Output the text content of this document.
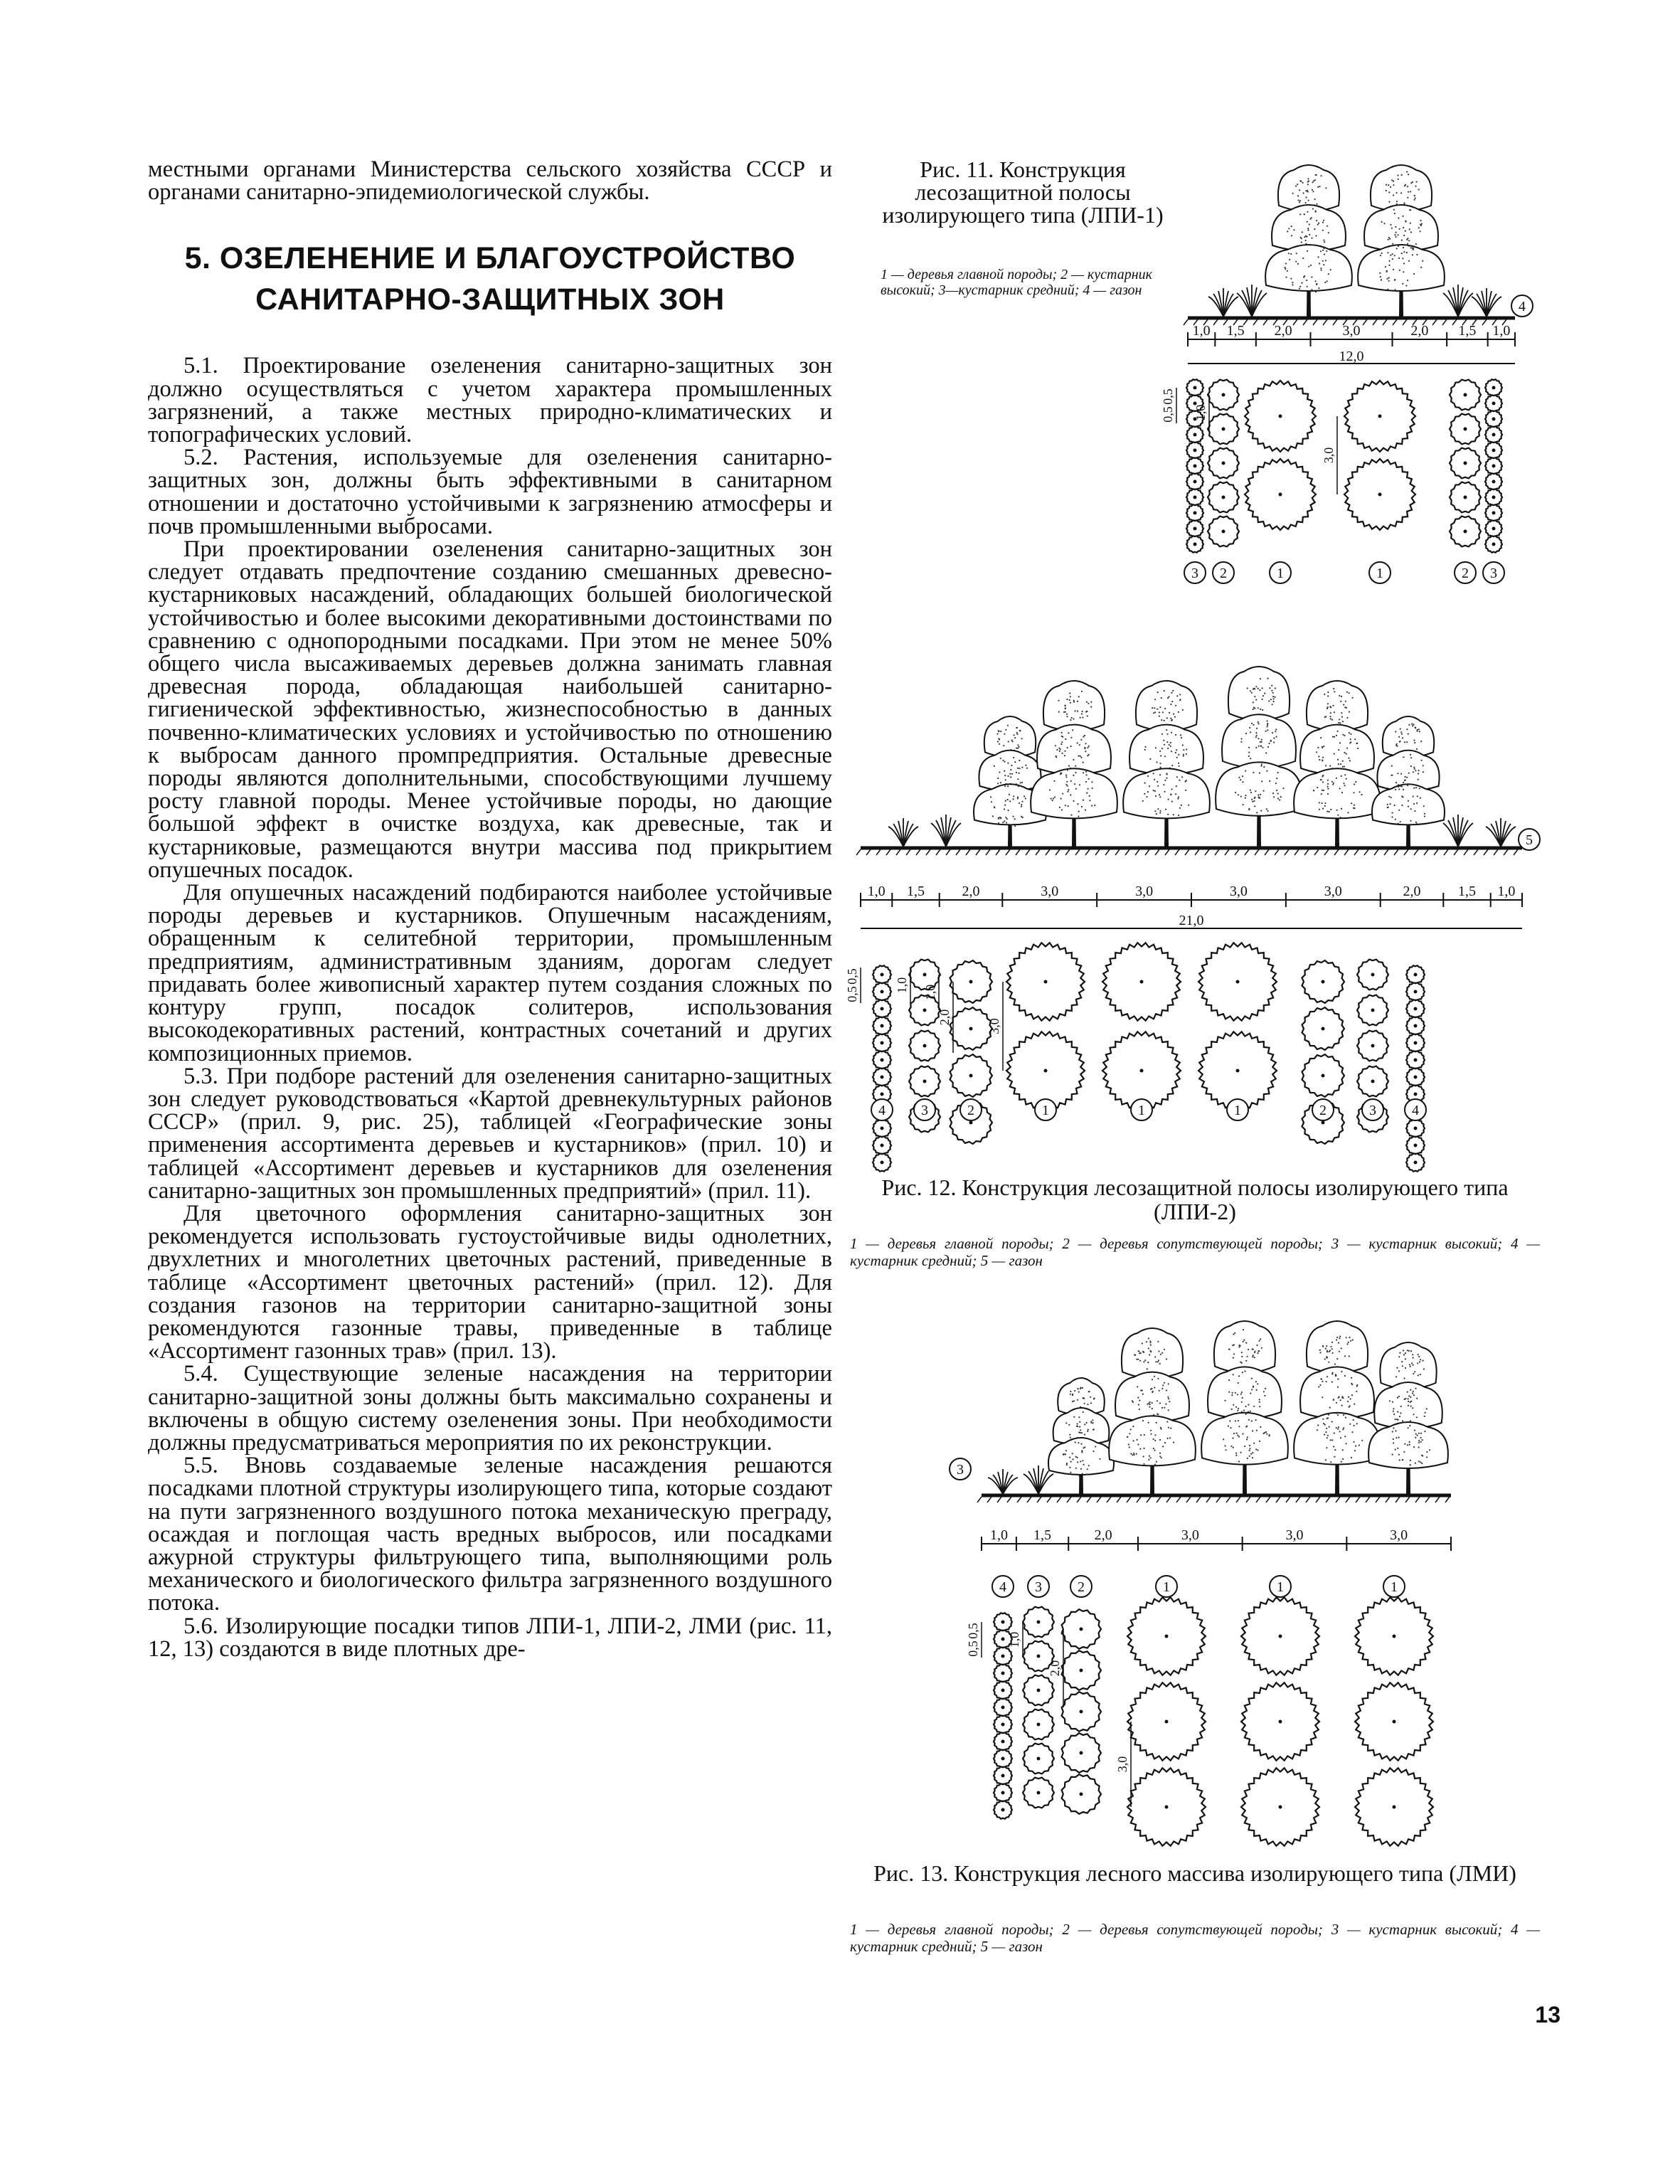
местными органами Министерства сельского хозяйства СССР и органами санитарно-эпидемиологической службы.

5. ОЗЕЛЕНЕНИЕ И БЛАГОУСТРОЙСТВО
САНИТАРНО-ЗАЩИТНЫХ ЗОН

5.1. Проектирование озеленения санитарно-защитных зон должно осуществляться с учетом характера промышленных загрязнений, а также местных природно-климатических и топографических условий.

5.2. Растения, используемые для озеленения санитарно-защитных зон, должны быть эффективными в санитарном отношении и достаточно устойчивыми к загрязнению атмосферы и почв промышленными выбросами.

При проектировании озеленения санитарно-защитных зон следует отдавать предпочтение созданию смешанных древесно-кустарниковых насаждений, обладающих большей биологической устойчивостью и более высокими декоративными достоинствами по сравнению с однопородными посадками. При этом не менее 50% общего числа высаживаемых деревьев должна занимать главная древесная порода, обладающая наибольшей санитарно-гигиенической эффективностью, жизнеспособностью в данных почвенно-климатических условиях и устойчивостью по отношению к выбросам данного промпредприятия. Остальные древесные породы являются дополнительными, способствующими лучшему росту главной породы. Менее устойчивые породы, но дающие большой эффект в очистке воздуха, как древесные, так и кустарниковые, размещаются внутри массива под прикрытием опушечных посадок.

Для опушечных насаждений подбираются наиболее устойчивые породы деревьев и кустарников. Опушечным насаждениям, обращенным к селитебной территории, промышленным предприятиям, административным зданиям, дорогам следует придавать более живописный характер путем создания сложных по контуру групп, посадок солитеров, использования высокодекоративных растений, контрастных сочетаний и других композиционных приемов.

5.3. При подборе растений для озеленения санитарно-защитных зон следует руководствоваться «Картой древнекультурных районов СССР» (прил. 9, рис. 25), таблицей «Географические зоны применения ассортимента деревьев и кустарников» (прил. 10) и таблицей «Ассортимент деревьев и кустарников для озеленения санитарно-защитных зон промышленных предприятий» (прил. 11).

Для цветочного оформления санитарно-защитных зон рекомендуется использовать густоустойчивые виды однолетних, двухлетних и многолетних цветочных растений, приведенные в таблице «Ассортимент цветочных растений» (прил. 12). Для создания газонов на территории санитарно-защитной зоны рекомендуются газонные травы, приведенные в таблице «Ассортимент газонных трав» (прил. 13).

5.4. Существующие зеленые насаждения на территории санитарно-защитной зоны должны быть максимально сохранены и включены в общую систему озеленения зоны. При необходимости должны предусматриваться мероприятия по их реконструкции.

5.5. Вновь создаваемые зеленые насаждения решаются посадками плотной структуры изолирующего типа, которые создают на пути загрязненного воздушного потока механическую преграду, осаждая и поглощая часть вредных выбросов, или посадками ажурной структуры фильтрующего типа, выполняющими роль механического и биологического фильтра загрязненного воздушного потока.

5.6. Изолирующие посадки типов ЛПИ-1, ЛПИ-2, ЛМИ (рис. 11, 12, 13) создаются в виде плотных дре-

Рис. 11. Конструкция лесозащитной полосы изолирующего типа (ЛПИ-1)
1 — деревья главной породы; 2 — кустарник высокий; 3—кустарник средний; 4 — газон
4
1,0 1,5 2,0	3,0	2,0 1,5 1,0
12,0
0,5
0,5 1,0
3,0
3 2	1	1	2 3
5
1,0 1,5	2,0	3,0	3,0	3,0	3,0	2,0	1,5 1,0
21,0
0,5
0,5
1,0 1,0
2,0
3,0
4	3	2	1	1	1	2	3	4
Рис. 12. Конструкция лесозащитной полосы изолирующего типа (ЛПИ-2)
1 — деревья главной породы; 2 — деревья сопутствующей породы; 3 — кустарник высокий; 4 — кустарник средний; 5 — газон
3
1,0 1,5	2,0	3,0	3,0	3,0
4 3	2	1	1	1
0,5
0,5
1,0
2,0
3,0
Рис. 13. Конструкция лесного массива изолирующего типа (ЛМИ)
1 — деревья главной породы; 2 — деревья сопутствующей породы; 3 — кустарник высокий; 4 — кустарник средний; 5 — газон
13
